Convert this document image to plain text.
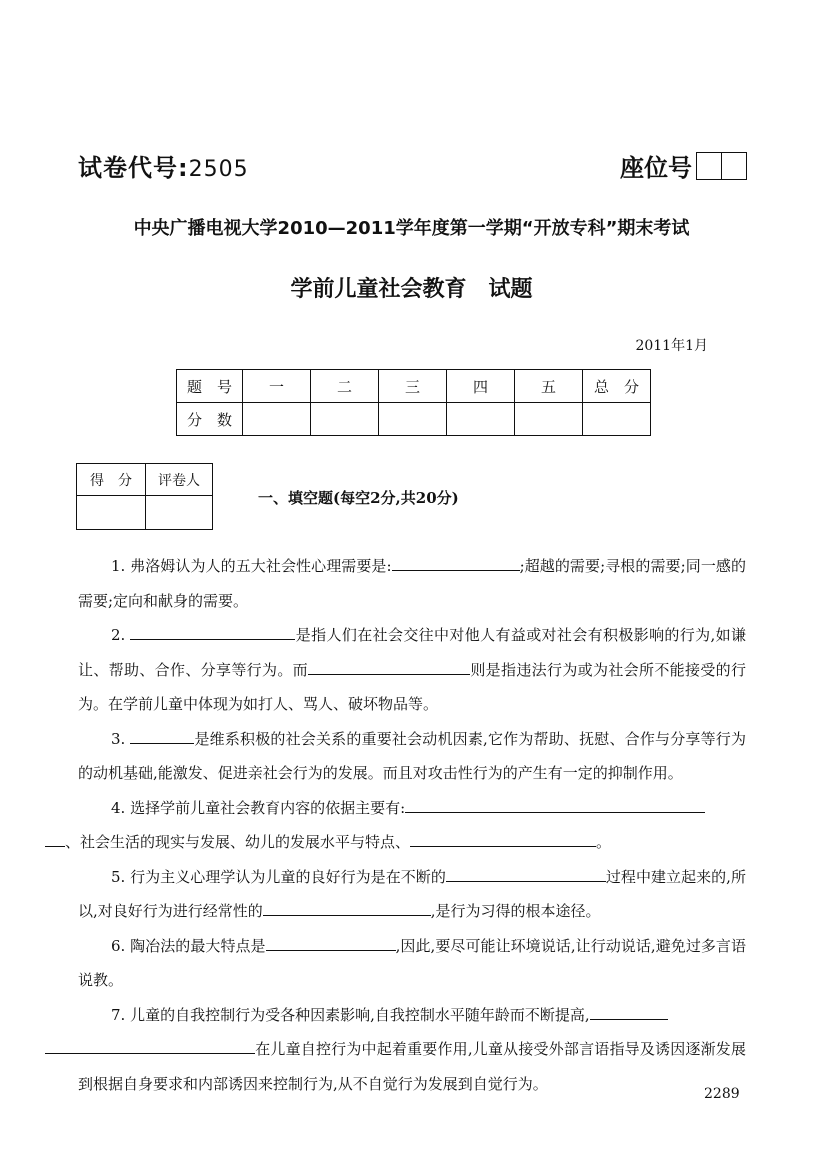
试卷代号:2505	座位号
中央广播电视大学2010—2011学年度第一学期“开放专科”期末考试
学前儿童社会教育　试题
2011年1月
题　号	一	二	三	四	五	总　分
分　数						
得　分	评卷人

一、填空题(每空2分,共20分)

1. 弗洛姆认为人的五大社会性心理需要是:	;超越的需要;寻根的需要;同一感的需要;定向和献身的需要。

2.	是指人们在社会交往中对他人有益或对社会有积极影响的行为,如谦让、帮助、合作、分享等行为。而	则是指违法行为或为社会所不能接受的行为。在学前儿童中体现为如打人、骂人、破坏物品等。

3.	是维系积极的社会关系的重要社会动机因素,它作为帮助、抚慰、合作与分享等行为的动机基础,能激发、促进亲社会行为的发展。而且对攻击性行为的产生有一定的抑制作用。

4. 选择学前儿童社会教育内容的依据主要有:
、社会生活的现实与发展、幼儿的发展水平与特点、	。

5. 行为主义心理学认为儿童的良好行为是在不断的	过程中建立起来的,所以,对良好行为进行经常性的	,是行为习得的根本途径。

6. 陶冶法的最大特点是	,因此,要尽可能让环境说话,让行动说话,避免过多言语说教。

7. 儿童的自我控制行为受各种因素影响,自我控制水平随年龄而不断提高,
在儿童自控行为中起着重要作用,儿童从接受外部言语指导及诱因逐渐发展到根据自身要求和内部诱因来控制行为,从不自觉行为发展到自觉行为。

2289
